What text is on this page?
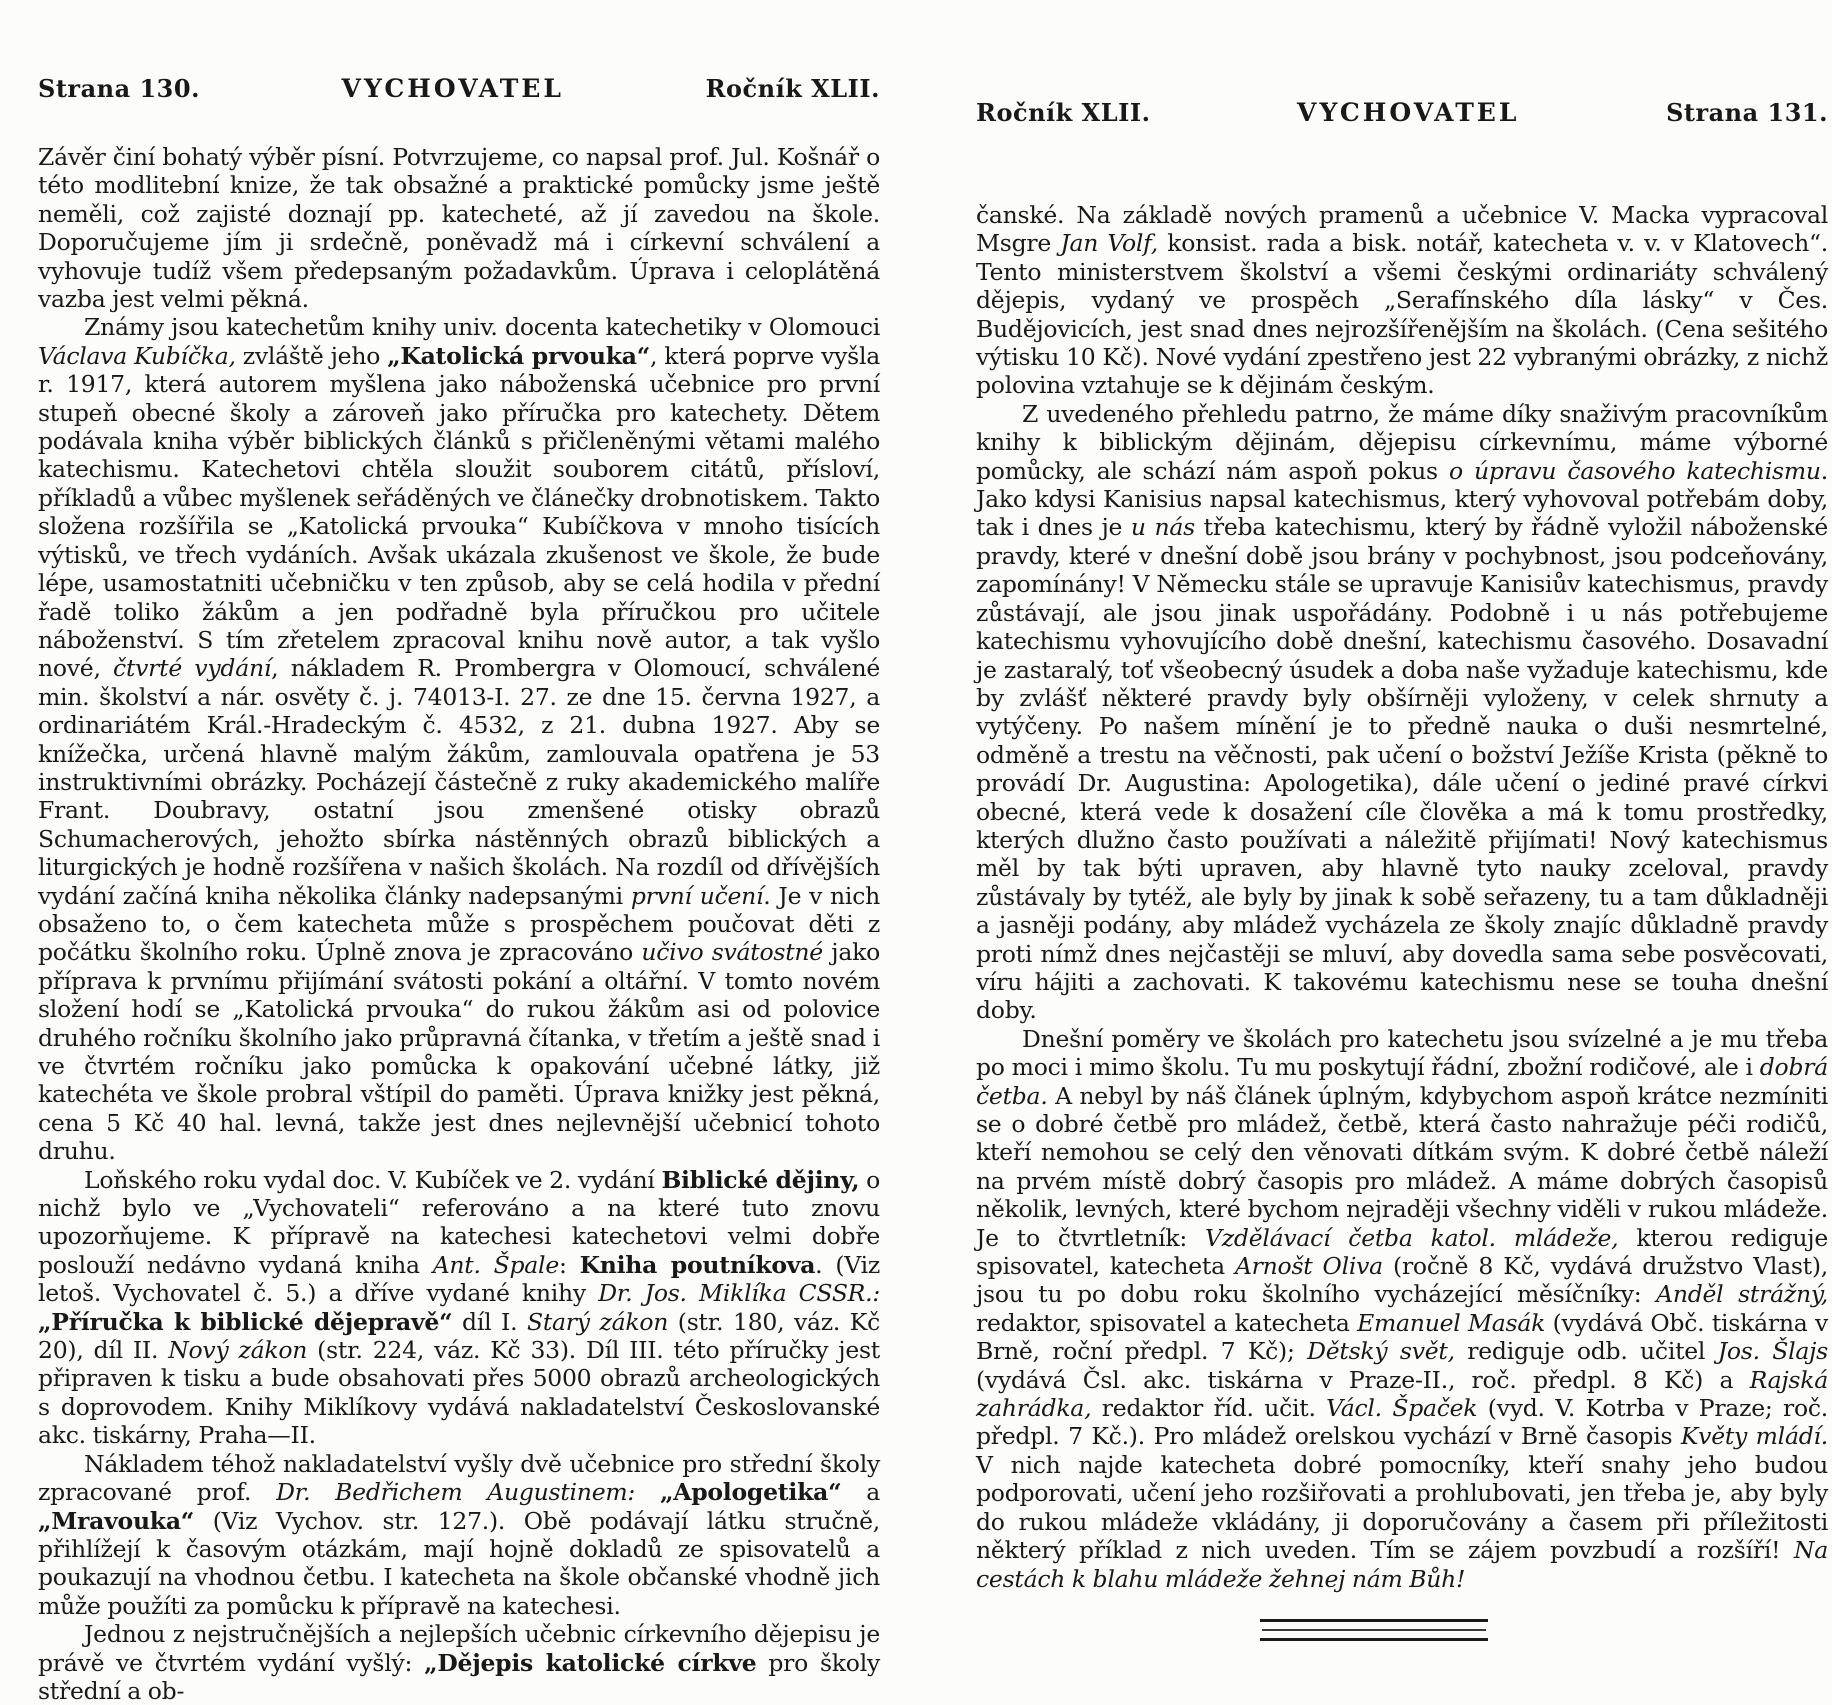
Strana 130.	VYCHOVATEL	Ročník XLII.

Závěr činí bohatý výběr písní. Potvrzujeme, co napsal prof. Jul. Košnář o této modlitební knize, že tak obsažné a praktické pomůcky jsme ještě neměli, což zajisté doznají pp. katecheté, až jí zavedou na škole. Doporučujeme jím ji srdečně, poněvadž má i církevní schválení a vyhovuje tudíž všem předepsaným požadavkům. Úprava i celoplátěná vazba jest velmi pěkná.

Známy jsou katechetům knihy univ. docenta katechetiky v Olomouci Václava Kubíčka, zvláště jeho „Katolická prvouka“, která poprve vyšla r. 1917, která autorem myšlena jako náboženská učebnice pro první stupeň obecné školy a zároveň jako příručka pro katechety. Dětem podávala kniha výběr biblických článků s přičleněnými větami malého katechismu. Katechetovi chtěla sloužit souborem citátů, přísloví, příkladů a vůbec myšlenek seřáděných ve článečky drobnotiskem. Takto složena rozšířila se „Katolická prvouka“ Kubíčkova v mnoho tisících výtisků, ve třech vydáních. Avšak ukázala zkušenost ve škole, že bude lépe, usamostatniti učebničku v ten způsob, aby se celá hodila v přední řadě toliko žákům a jen podřadně byla příručkou pro učitele náboženství. S tím zřetelem zpracoval knihu nově autor, a tak vyšlo nové, čtvrté vydání, nákladem R. Prombergra v Olomoucí, schválené min. školství a nár. osvěty č. j. 74013-I. 27. ze dne 15. června 1927, a ordinariátém Král.-Hradeckým č. 4532, z 21. dubna 1927. Aby se knížečka, určená hlavně malým žákům, zamlouvala opatřena je 53 instruktivními obrázky. Pocházejí částečně z ruky akademického malíře Frant. Doubravy, ostatní jsou zmenšené otisky obrazů Schumacherových, jehožto sbírka nástěnných obrazů biblických a liturgických je hodně rozšířena v našich školách. Na rozdíl od dřívějších vydání začíná kniha několika články nadepsanými první učení. Je v nich obsaženo to, o čem katecheta může s prospěchem poučovat děti z počátku školního roku. Úplně znova je zpracováno učivo svátostné jako příprava k prvnímu přijímání svátosti pokání a oltářní. V tomto novém složení hodí se „Katolická prvouka“ do rukou žákům asi od polovice druhého ročníku školního jako průpravná čítanka, v třetím a ještě snad i ve čtvrtém ročníku jako pomůcka k opakování učebné látky, již katechéta ve škole probral vštípil do paměti. Úprava knižky jest pěkná, cena 5 Kč 40 hal. levná, takže jest dnes nejlevnější učebnicí tohoto druhu.

Loňského roku vydal doc. V. Kubíček ve 2. vydání Biblické dějiny, o nichž bylo ve „Vychovateli“ referováno a na které tuto znovu upozorňujeme. K přípravě na katechesi katechetovi velmi dobře poslouží nedávno vydaná kniha Ant. Špale: Kniha poutníkova. (Viz letoš. Vychovatel č. 5.) a dříve vydané knihy Dr. Jos. Miklíka CSSR.: „Příručka k biblické dějepravě“ díl I. Starý zákon (str. 180, váz. Kč 20), díl II. Nový zákon (str. 224, váz. Kč 33). Díl III. této příručky jest připraven k tisku a bude obsahovati přes 5000 obrazů archeologických s doprovodem. Knihy Miklíkovy vydává nakladatelství Českoslovanské akc. tiskárny, Praha—II.

Nákladem téhož nakladatelství vyšly dvě učebnice pro střední školy zpracované prof. Dr. Bedřichem Augustinem: „Apologetika“ a „Mravouka“ (Viz Vychov. str. 127.). Obě podávají látku stručně, přihlížejí k časovým otázkám, mají hojně dokladů ze spisovatelů a poukazují na vhodnou četbu. I katecheta na škole občanské vhodně jich může použíti za pomůcku k přípravě na katechesi.

Jednou z nejstručnějších a nejlepších učebnic církevního dějepisu je právě ve čtvrtém vydání vyšlý: „Dějepis katolické církve pro školy střední a ob-

Ročník XLII.	VYCHOVATEL	Strana 131.

čanské. Na základě nových pramenů a učebnice V. Macka vypracoval Msgre Jan Volf, konsist. rada a bisk. notář, katecheta v. v. v Klatovech“. Tento ministerstvem školství a všemi českými ordinariáty schválený dějepis, vydaný ve prospěch „Serafínského díla lásky“ v Čes. Budějovicích, jest snad dnes nejrozšířenějším na školách. (Cena sešitého výtisku 10 Kč). Nové vydání zpestřeno jest 22 vybranými obrázky, z nichž polovina vztahuje se k dějinám českým.

Z uvedeného přehledu patrno, že máme díky snaživým pracovníkům knihy k biblickým dějinám, dějepisu církevnímu, máme výborné pomůcky, ale schází nám aspoň pokus o úpravu časového katechismu. Jako kdysi Kanisius napsal katechismus, který vyhovoval potřebám doby, tak i dnes je u nás třeba katechismu, který by řádně vyložil náboženské pravdy, které v dnešní době jsou brány v pochybnost, jsou podceňovány, zapomínány! V Německu stále se upravuje Kanisiův katechismus, pravdy zůstávají, ale jsou jinak uspořádány. Podobně i u nás potřebujeme katechismu vyhovujícího době dnešní, katechismu časového. Dosavadní je zastaralý, toť všeobecný úsudek a doba naše vyžaduje katechismu, kde by zvlášť některé pravdy byly obšírněji vyloženy, v celek shrnuty a vytýčeny. Po našem mínění je to předně nauka o duši nesmrtelné, odměně a trestu na věčnosti, pak učení o božství Ježíše Krista (pěkně to provádí Dr. Augustina: Apologetika), dále učení o jediné pravé církvi obecné, která vede k dosažení cíle člověka a má k tomu prostředky, kterých dlužno často používati a náležitě přijímati! Nový katechismus měl by tak býti upraven, aby hlavně tyto nauky zceloval, pravdy zůstávaly by tytéž, ale byly by jinak k sobě seřazeny, tu a tam důkladněji a jasněji podány, aby mládež vycházela ze školy znajíc důkladně pravdy proti nímž dnes nejčastěji se mluví, aby dovedla sama sebe posvěcovati, víru hájiti a zachovati. K takovému katechismu nese se touha dnešní doby.

Dnešní poměry ve školách pro katechetu jsou svízelné a je mu třeba po moci i mimo školu. Tu mu poskytují řádní, zbožní rodičové, ale i dobrá četba. A nebyl by náš článek úplným, kdybychom aspoň krátce nezmíniti se o dobré četbě pro mládež, četbě, která často nahražuje péči rodičů, kteří nemohou se celý den věnovati dítkám svým. K dobré četbě náleží na prvém místě dobrý časopis pro mládež. A máme dobrých časopisů několik, levných, které bychom nejraději všechny viděli v rukou mládeže. Je to čtvrtletník: Vzdělávací četba katol. mládeže, kterou rediguje spisovatel, katecheta Arnošt Oliva (ročně 8 Kč, vydává družstvo Vlast), jsou tu po dobu roku školního vycházející měsíčníky: Anděl strážný, redaktor, spisovatel a katecheta Emanuel Masák (vydává Obč. tiskárna v Brně, roční předpl. 7 Kč); Dětský svět, rediguje odb. učitel Jos. Šlajs (vydává Čsl. akc. tiskárna v Praze-II., roč. předpl. 8 Kč) a Rajská zahrádka, redaktor říd. učit. Václ. Špaček (vyd. V. Kotrba v Praze; roč. předpl. 7 Kč.). Pro mládež orelskou vychází v Brně časopis Květy mládí. V nich najde katecheta dobré pomocníky, kteří snahy jeho budou podporovati, učení jeho rozšiřovati a prohlubovati, jen třeba je, aby byly do rukou mládeže vkládány, ji doporučovány a časem při příležitosti některý příklad z nich uveden. Tím se zájem povzbudí a rozšíří! Na cestách k blahu mládeže žehnej nám Bůh!
